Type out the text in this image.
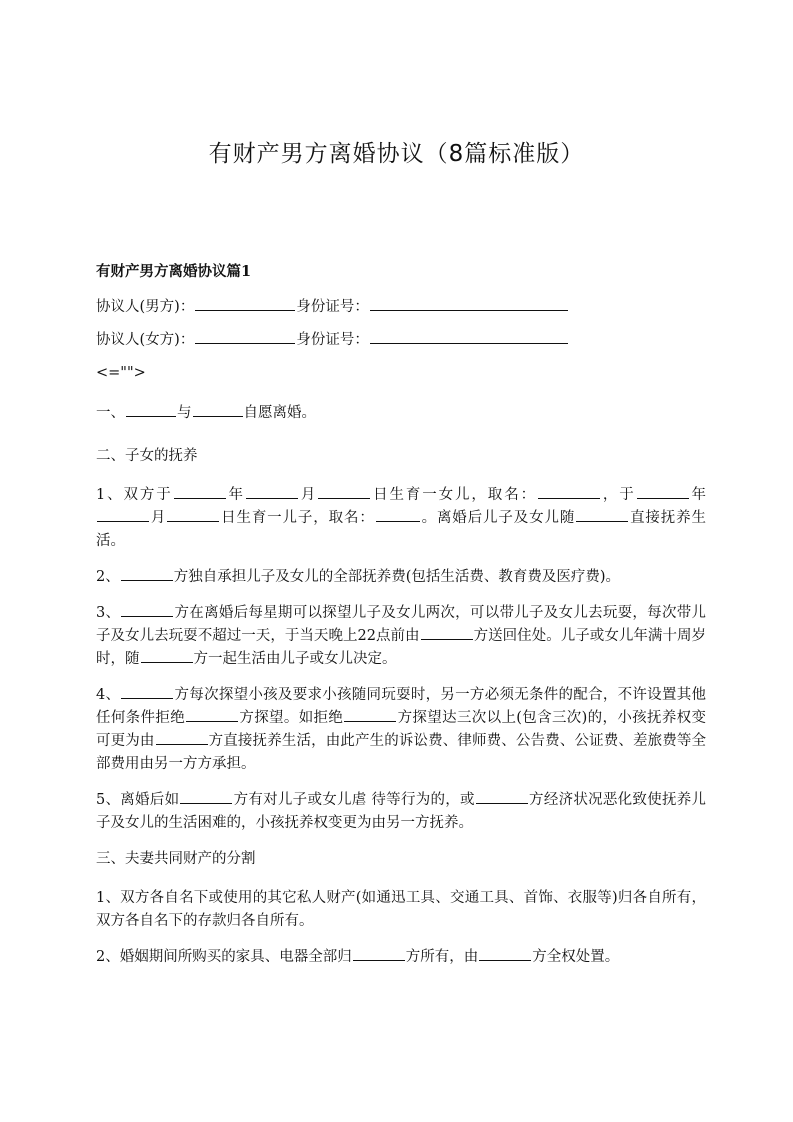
有财产男方离婚协议（8篇标准版）
有财产男方离婚协议篇1

协议人(男方)：	身份证号：

协议人(女方)：	身份证号：

<="">

一、	与	自愿离婚。

二、子女的抚养

1、双方于	年	月	日生育一女儿，取名：	，于	年月	日生育一儿子，取名：	。离婚后儿子及女儿随	直接抚养生活。

2、	方独自承担儿子及女儿的全部抚养费(包括生活费、教育费及医疗费)。

3、	方在离婚后每星期可以探望儿子及女儿两次，可以带儿子及女儿去玩耍，每次带儿子及女儿去玩耍不超过一天，于当天晚上22点前由	方送回住处。儿子或女儿年满十周岁时，随	方一起生活由儿子或女儿决定。

4、	方每次探望小孩及要求小孩随同玩耍时，另一方必须无条件的配合，不许设置其他任何条件拒绝	方探望。如拒绝	方探望达三次以上(包含三次)的，小孩抚养权变可更为由	方直接抚养生活，由此产生的诉讼费、律师费、公告费、公证费、差旅费等全部费用由另一方方承担。

5、离婚后如	方有对儿子或女儿虐 待等行为的，或	方经济状况恶化致使抚养儿子及女儿的生活困难的，小孩抚养权变更为由另一方抚养。

三、夫妻共同财产的分割

1、双方各自名下或使用的其它私人财产(如通迅工具、交通工具、首饰、衣服等)归各自所有，双方各自名下的存款归各自所有。

2、婚姻期间所购买的家具、电器全部归	方所有，由	方全权处置。
